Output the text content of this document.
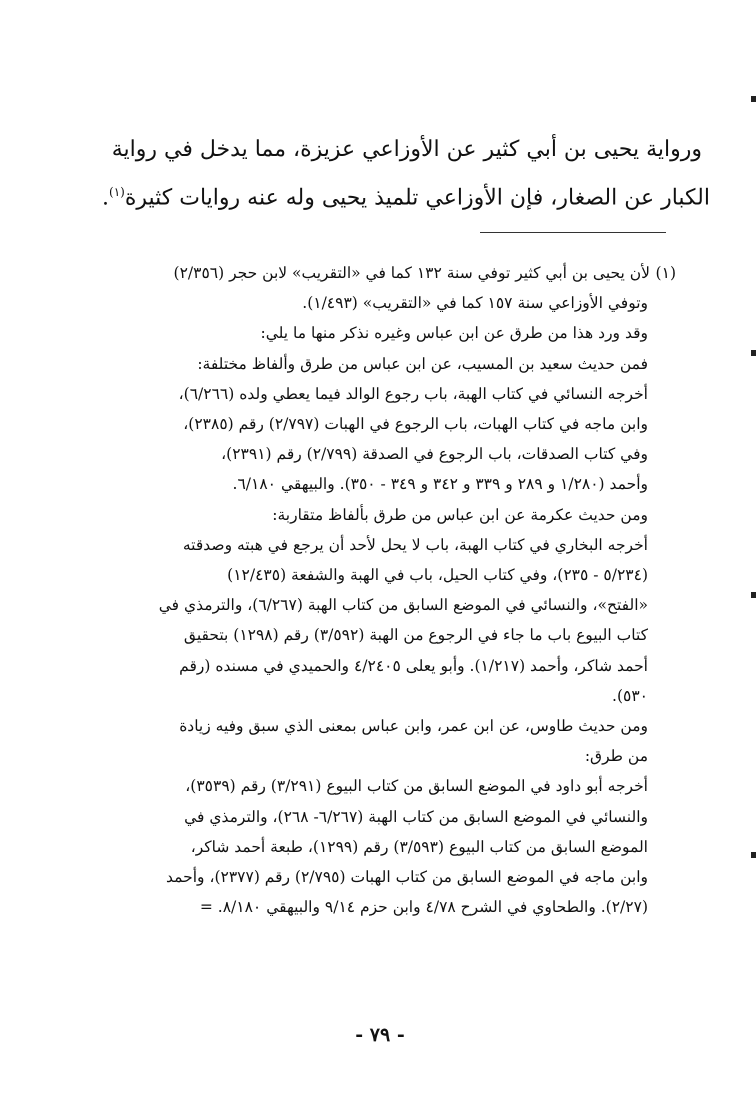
ورواية يحيى بن أبي كثير عن الأوزاعي عزيزة، مما يدخل في رواية
الكبار عن الصغار، فإن الأوزاعي تلميذ يحيى وله عنه روايات كثيرة$^{(١)}$.
(١)لأن يحيى بن أبي كثير توفي سنة ١٣٢ كما في «التقريب» لابن حجر (٢/٣٥٦)
وتوفي الأوزاعي سنة ١٥٧ كما في «التقريب» (١/٤٩٣).
وقد ورد هذا من طرق عن ابن عباس وغيره نذكر منها ما يلي:
فمن حديث سعيد بن المسيب، عن ابن عباس من طرق وألفاظ مختلفة:
أخرجه النسائي في كتاب الهبة، باب رجوع الوالد فيما يعطي ولده (٦/٢٦٦)،
وابن ماجه في كتاب الهبات، باب الرجوع في الهبات (٢/٧٩٧) رقم (٢٣٨٥)،
وفي كتاب الصدقات، باب الرجوع في الصدقة (٢/٧٩٩) رقم (٢٣٩١)،
وأحمد (١/٢٨٠ و ٢٨٩ و ٣٣٩ و ٣٤٢ و ٣٤٩ - ٣٥٠). والبيهقي ٦/١٨٠.
ومن حديث عكرمة عن ابن عباس من طرق بألفاظ متقاربة:
أخرجه البخاري في كتاب الهبة، باب لا يحل لأحد أن يرجع في هبته وصدقته
(٥/٢٣٤ - ٢٣٥)، وفي كتاب الحيل، باب في الهبة والشفعة (١٢/٤٣٥)
«الفتح»، والنسائي في الموضع السابق من كتاب الهبة (٦/٢٦٧)، والترمذي في
كتاب البيوع باب ما جاء في الرجوع من الهبة (٣/٥٩٢) رقم (١٢٩٨) بتحقيق
أحمد شاكر، وأحمد (١/٢١٧). وأبو يعلى ٤/٢٤٠٥ والحميدي في مسنده (رقم
٥٣٠).
ومن حديث طاوس، عن ابن عمر، وابن عباس بمعنى الذي سبق وفيه زيادة
من طرق:
أخرجه أبو داود في الموضع السابق من كتاب البيوع (٣/٢٩١) رقم (٣٥٣٩)،
والنسائي في الموضع السابق من كتاب الهبة (٦/٢٦٧- ٢٦٨)، والترمذي في
الموضع السابق من كتاب البيوع (٣/٥٩٣) رقم (١٢٩٩)، طبعة أحمد شاكر،
وابن ماجه في الموضع السابق من كتاب الهبات (٢/٧٩٥) رقم (٢٣٧٧)، وأحمد
(٢/٢٧). والطحاوي في الشرح ٤/٧٨ وابن حزم ٩/١٤ والبيهقي ٨/١٨٠. =
- ٧٩ -
